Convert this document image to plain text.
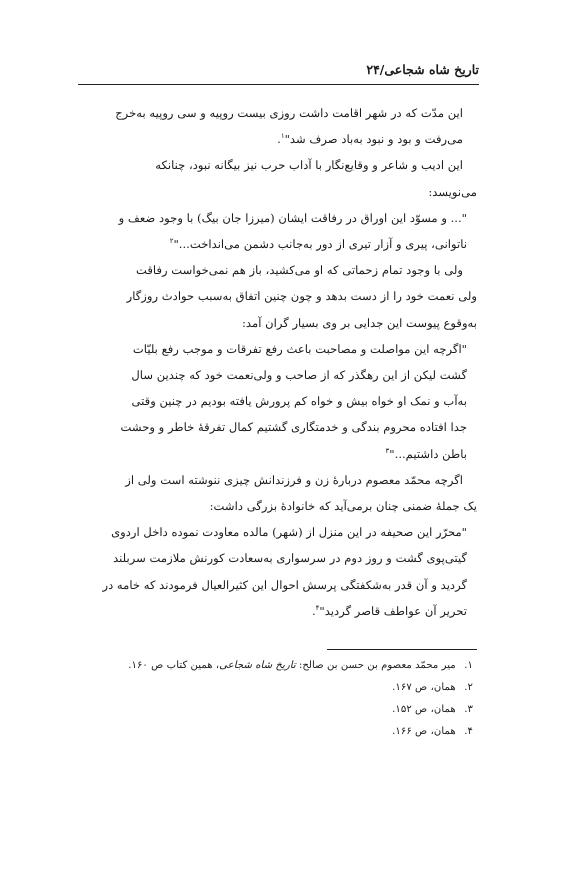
تاریخ شاه شجاعی/۲۴
این مدّت که در شهر اقامت داشت روزی بیست روپیه و سی روپیه به‌خرج
می‌رفت و بود و نبود به‌باد صرف شد"$^۱$.
این ادیب و شاعر و وقایع‌نگار با آداب حرب نیز بیگانه نبود، چنانکه
می‌نویسد:
"... و مسوّد این اوراق در رفاقت ایشان (میرزا جان بیگ) با وجود ضعف و
ناتوانی، پیری و آزار تیری از دور به‌جانب دشمن می‌انداخت..."$^۲$
ولی با وجود تمام زحماتی که او می‌کشید، باز هم نمی‌خواست رفاقت
ولی نعمت خود را از دست بدهد و چون چنین اتفاق به‌سبب حوادث روزگار
به‌وقوع پیوست این جدایی بر وی بسیار گران آمد:
"اگرچه این مواصلت و مصاحبت باعث رفع تفرقات و موجب رفع بلیّات
گشت لیکن از این رهگذر که از صاحب و ولی‌نعمت خود که چندین سال
به‌آب و نمک او خواه بیش و خواه کم پرورش یافته بودیم در چنین وقتی
جدا افتاده محروم بندگی و خدمتگاری گشتیم کمال تفرقهٔ خاطر و وحشت
باطن داشتیم..."$^۳$
اگرچه محمّد معصوم دربارهٔ زن و فرزندانش چیزی ننوشته است ولی از
یک جملهٔ ضمنی چنان برمی‌آید که خانوادهٔ بزرگی داشت:
"محرّر این صحیفه در این منزل از (شهر) مالده معاودت نموده داخل اردوی
گیتی‌پوی گشت و روز دوم در سرسواری به‌سعادت کورنش ملازمت سربلند
گردید و آن قدر به‌شکفتگی پرسش احوال این کثیرالعیال فرمودند که خامه در
تحریر آن عواطف قاصر گردید"$^۴$.
۱. میر محمّد معصوم بن حسن بن صالح: تاریخ شاه شجاعی، همین کتاب ص ۱۶۰.
۲. همان، ص ۱۶۷.
۳. همان، ص ۱۵۲.
۴. همان، ص ۱۶۶.
